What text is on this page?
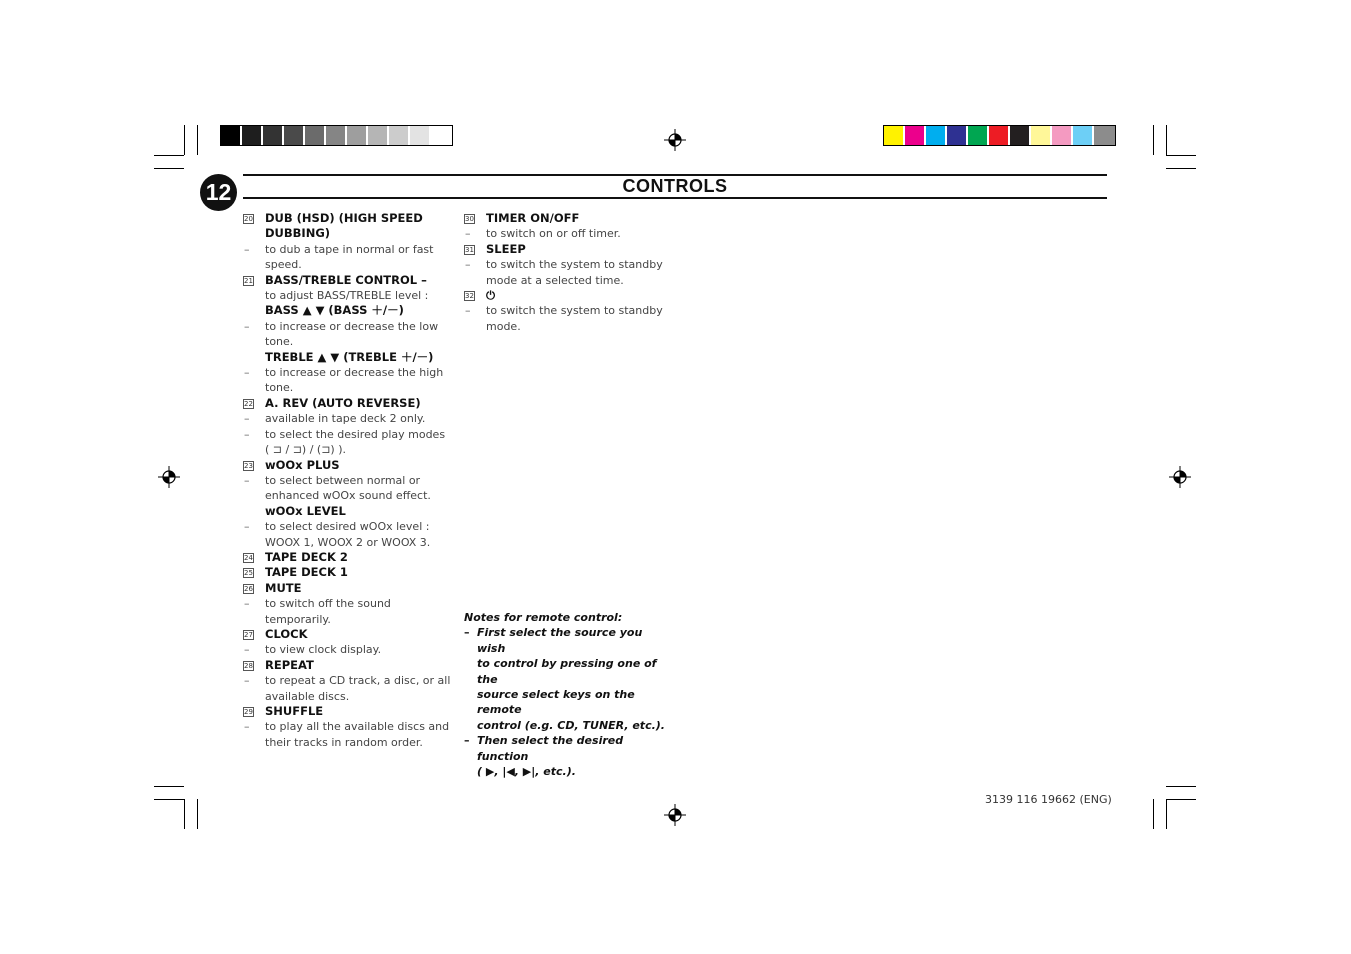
12	CONTROLS
20 DUB (HSD) (HIGH SPEED
DUBBING)
– to dub a tape in normal or fast
speed.
21 BASS/TREBLE CONTROL –
to adjust BASS/TREBLE level :
BASS ▲ ▼ (BASS ＋/－)
– to increase or decrease the low
tone.
TREBLE ▲ ▼ (TREBLE ＋/－)
– to increase or decrease the high
tone.
22 A. REV (AUTO REVERSE)
– available in tape deck 2 only.
– to select the desired play modes
( ⊐ / ⊐) / (⊐) ).
23 wOOx PLUS
– to select between normal or
enhanced wOOx sound effect.
wOOx LEVEL
– to select desired wOOx level :
WOOX 1, WOOX 2 or WOOX 3.
24 TAPE DECK 2
25 TAPE DECK 1
26 MUTE
– to switch off the sound temporarily.
27 CLOCK
– to view clock display.
28 REPEAT
– to repeat a CD track, a disc, or all
available discs.
29 SHUFFLE
– to play all the available discs and
their tracks in random order.
30 TIMER ON/OFF
– to switch on or off timer.
31 SLEEP
– to switch the system to standby
mode at a selected time.
32 ⏻
– to switch the system to standby
mode.
Notes for remote control:
– First select the source you wish
to control by pressing one of the
source select keys on the remote
control (e.g. CD, TUNER, etc.).
– Then select the desired function
( ▶, |◀, ▶|, etc.).
3139 116 19662 (ENG)
